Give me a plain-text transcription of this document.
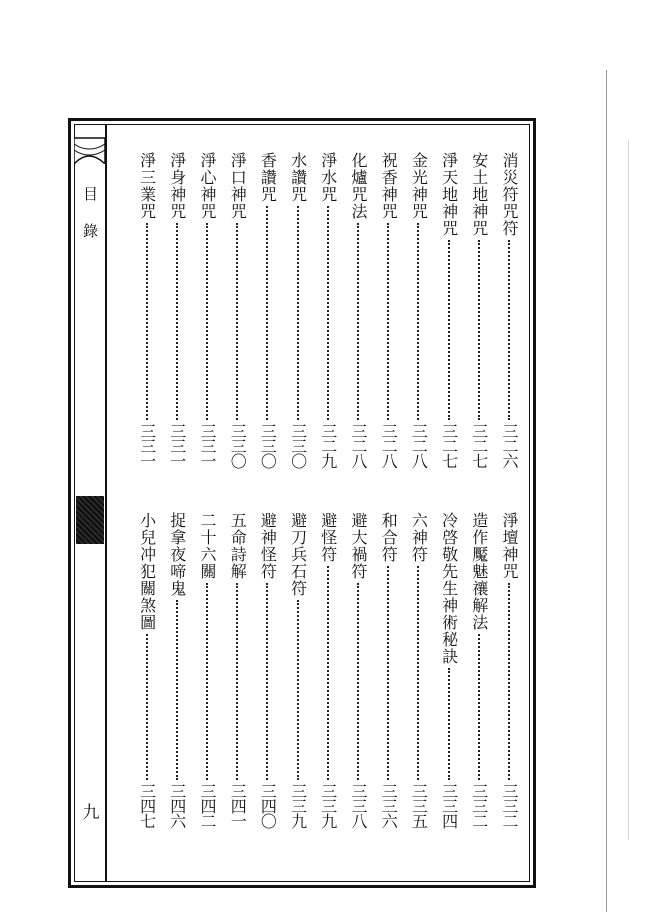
目錄
九
消災符咒符
三二六
安土地神咒
三二七
淨天地神咒
三二七
金光神咒
三二八
祝香神咒
三二八
化爐咒法
三二八
淨水咒
三二九
水讚咒
三三〇
香讚咒
三三〇
淨口神咒
三三〇
淨心神咒
三三一
淨身神咒
三三一
淨三業咒
三三一
淨壇神咒
三三二
造作魘魅禳解法
三三二
冷啓敬先生神術秘訣
三三四
六神符
三三五
和合符
三三六
避大禍符
三三八
避怪符
三三九
避刀兵石符
三三九
避神怪符
三四〇
五命詩解
三四一
二十六關
三四二
捉拿夜啼鬼
三四六
小兒冲犯關煞圖
三四七
